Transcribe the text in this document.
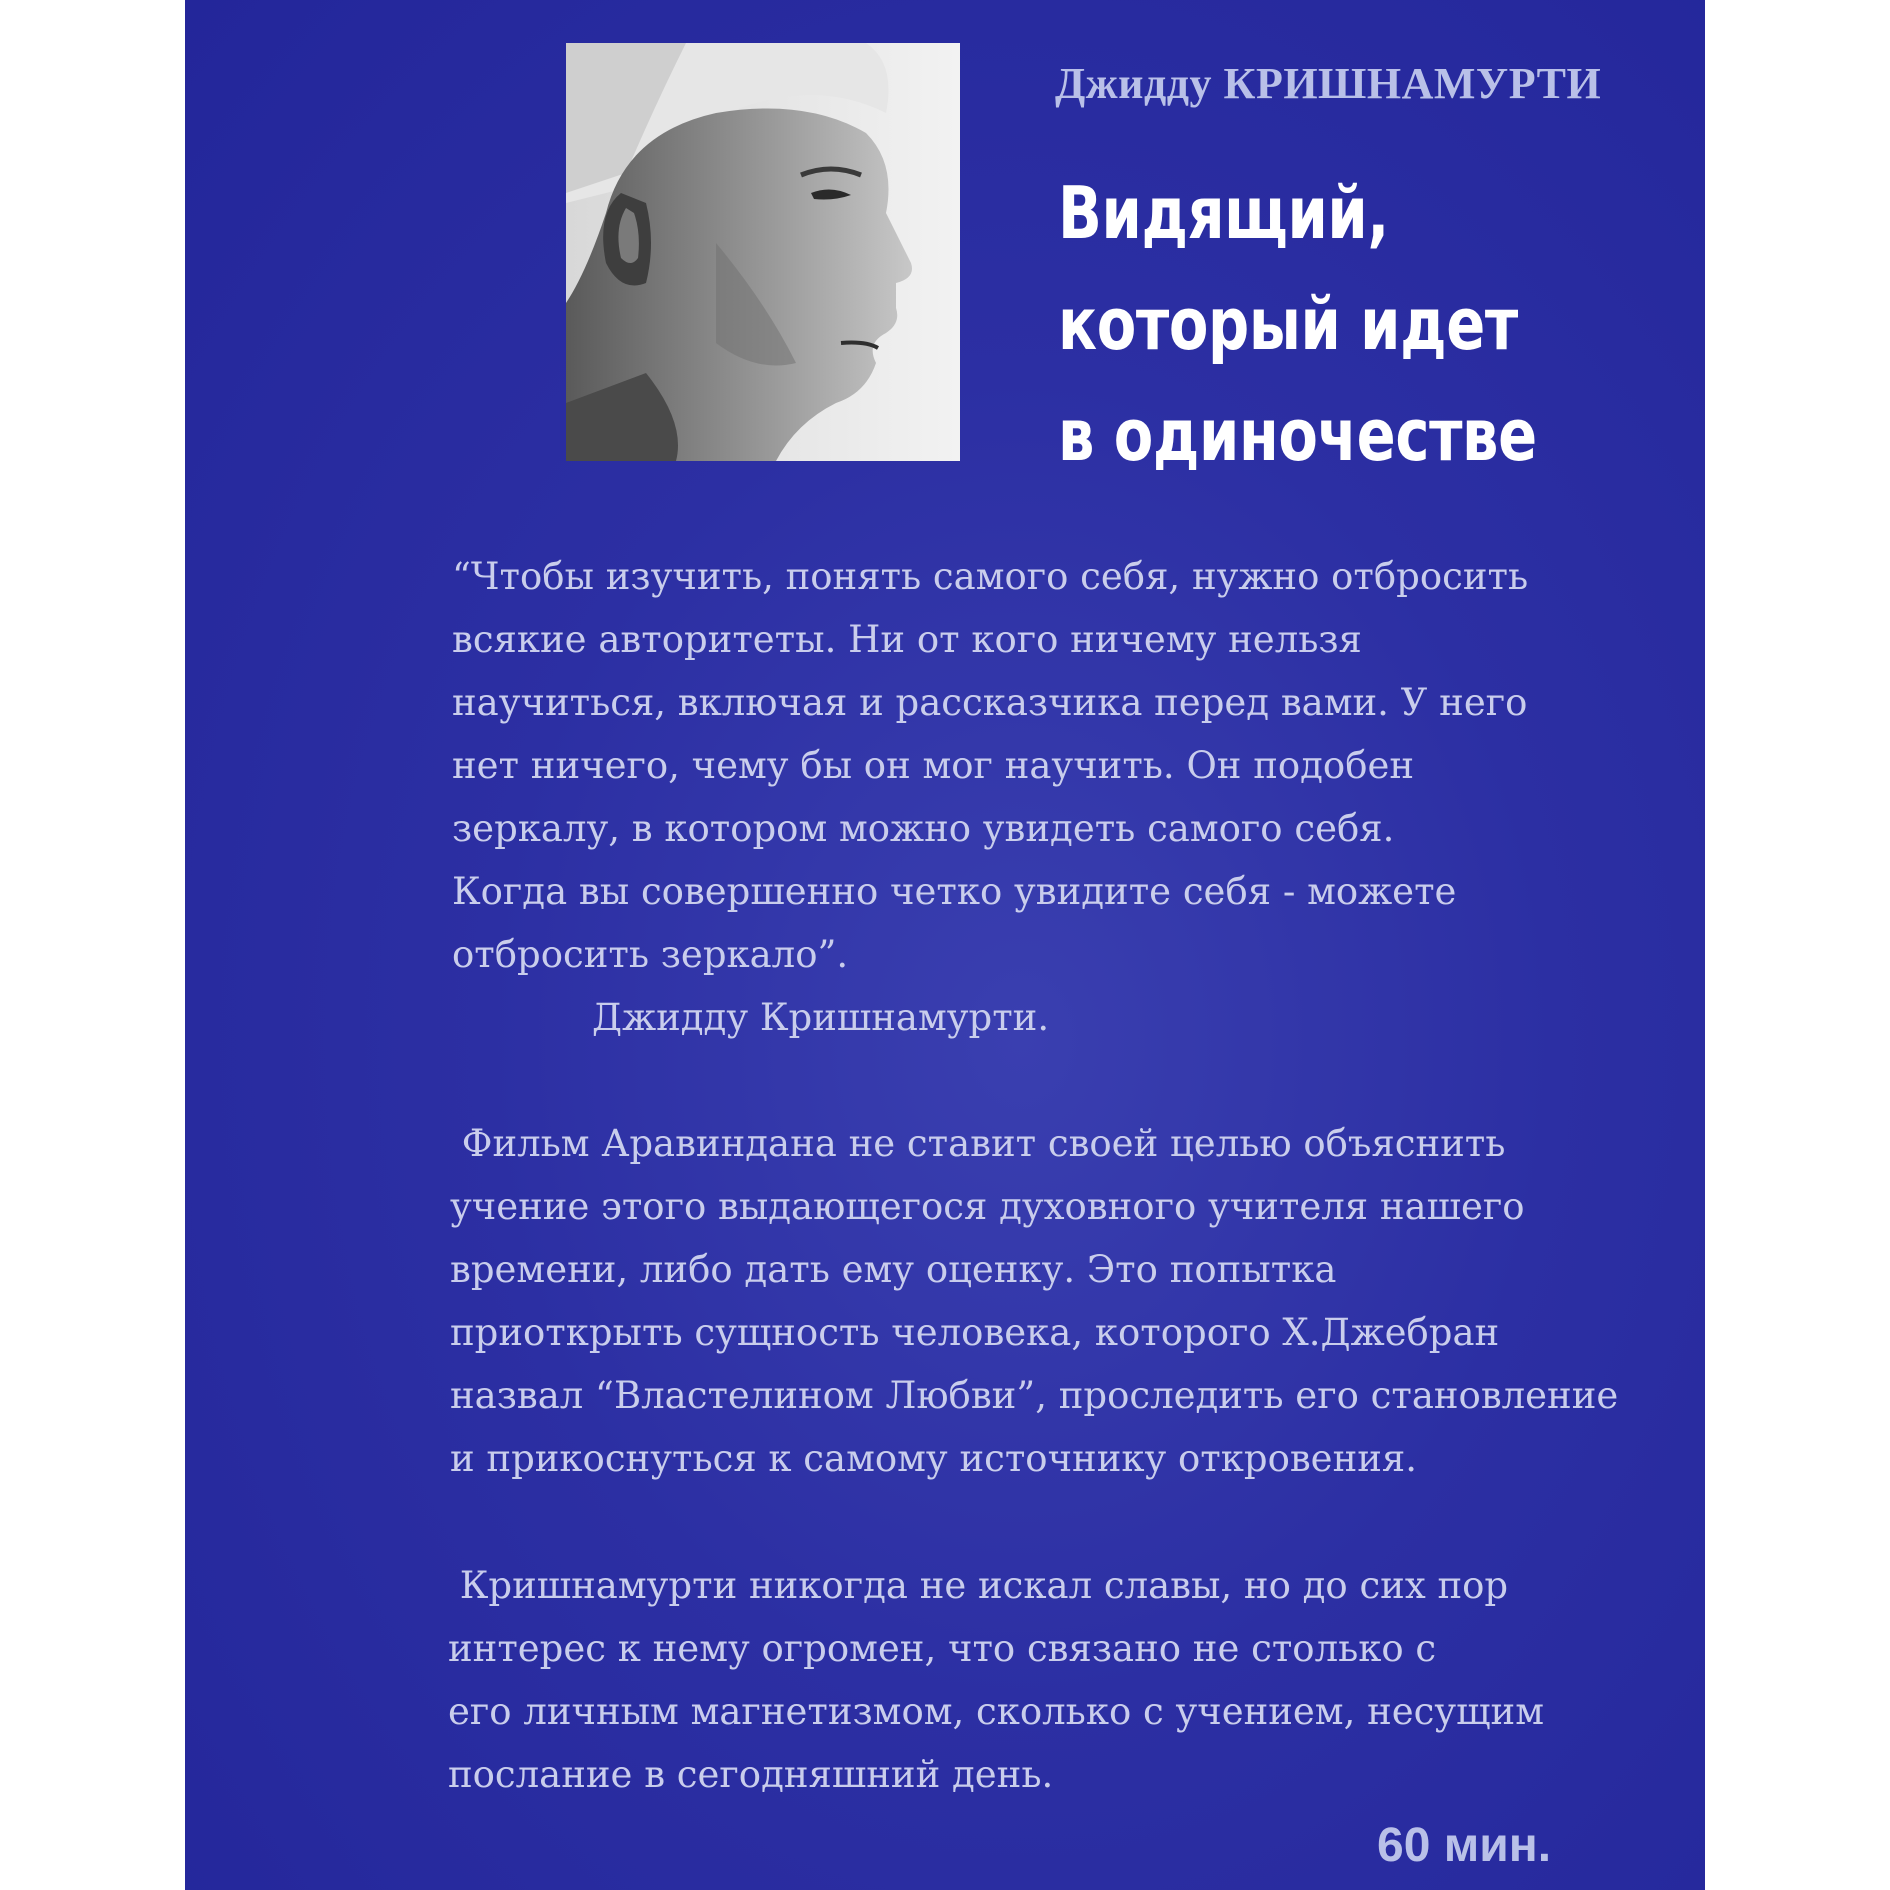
Джидду КРИШНАМУРТИ
Видящий,
который идет
в одиночестве
“Чтобы изучить, понять самого себя, нужно отбросить
всякие авторитеты. Ни от кого ничему нельзя
научиться, включая и рассказчика перед вами. У него
нет ничего, чему бы он мог научить. Он подобен
зеркалу, в котором можно увидеть самого себя.
Когда вы совершенно четко увидите себя - можете
отбросить зеркало”.
Джидду Кришнамурти.
Фильм Аравиндана не ставит своей целью объяснить
учение этого выдающегося духовного учителя нашего
времени, либо дать ему оценку. Это попытка
приоткрыть сущность человека, которого Х.Джебран
назвал “Властелином Любви”, проследить его становление
и прикоснуться к самому источнику откровения.
Кришнамурти никогда не искал славы, но до сих пор
интерес к нему огромен, что связано не столько с
его личным магнетизмом, сколько с учением, несущим
послание в сегодняшний день.
60 мин.
